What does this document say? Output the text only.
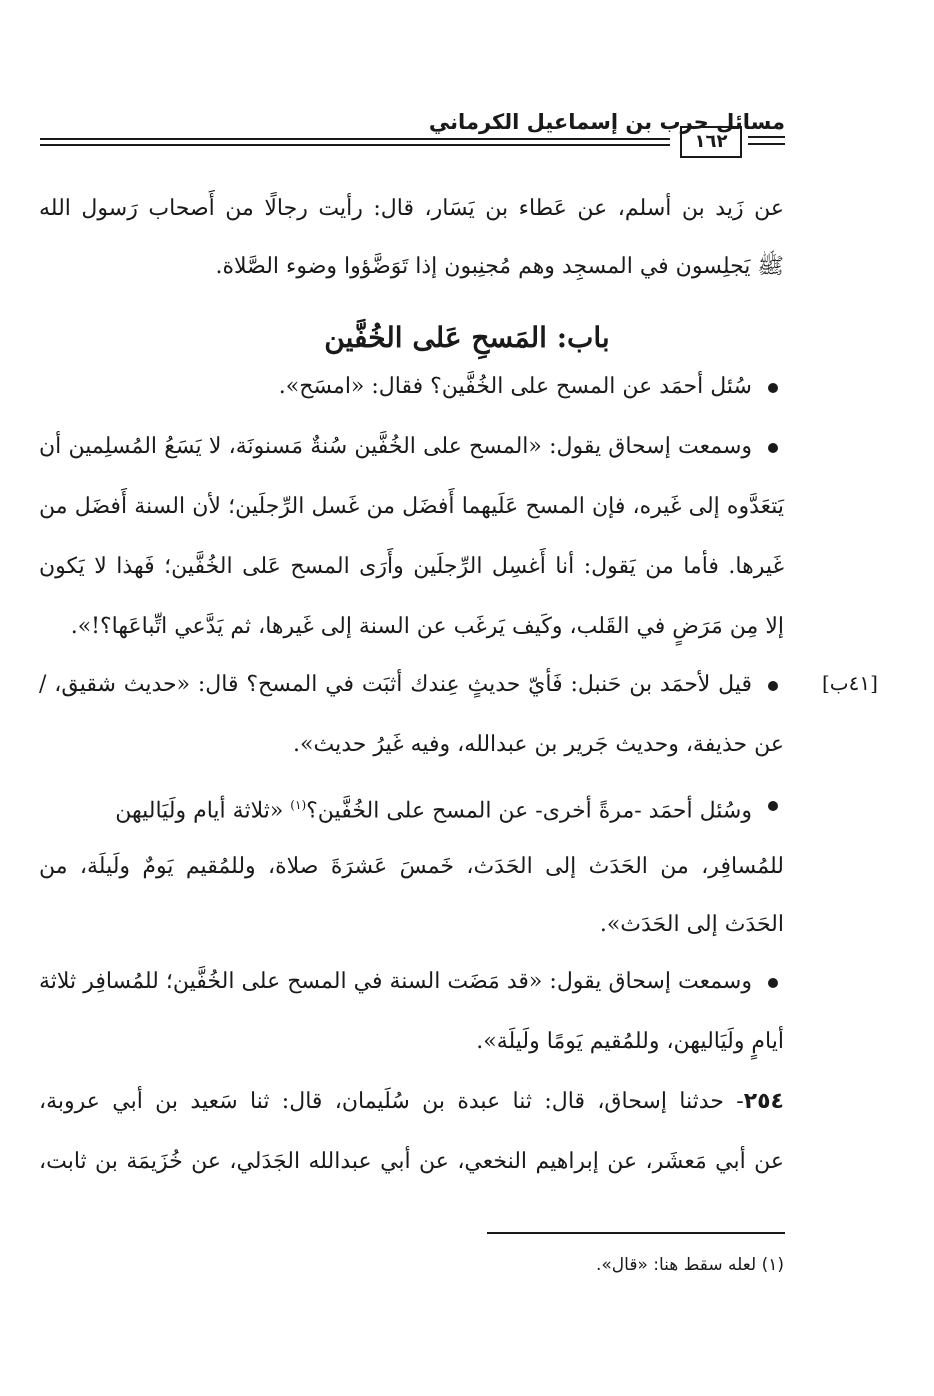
مسائل حرب بن إسماعيل الكرماني
١٦٢
عن زَيد بن أسلم، عن عَطاء بن يَسَار، قال: رأيت رجالًا من أَصحاب رَسول الله
ﷺ يَجلِسون في المسجِد وهم مُجنِبون إذا تَوَضَّؤوا وضوء الصَّلاة.
باب: المَسحِ عَلى الخُفَّين
سُئل أحمَد عن المسح على الخُفَّين؟ فقال: «امسَح».
وسمعت إسحاق يقول: «المسح على الخُفَّين سُنةٌ مَسنونَة، لا يَسَعُ المُسلِمين أن
يَتعَدَّوه إلى غَيره، فإن المسح عَلَيهما أَفضَل من غَسل الرِّجلَين؛ لأن السنة أَفضَل من
غَيرها. فأما من يَقول: أنا أَغسِل الرِّجلَين وأَرَى المسح عَلى الخُفَّين؛ فَهذا لا يَكون
إلا مِن مَرَضٍ في القَلب، وكَيف يَرغَب عن السنة إلى غَيرها، ثم يَدَّعي اتِّباعَها؟!».
[٤١ب]
قيل لأحمَد بن حَنبل: فَأيّ حديثٍ عِندك أثبَت في المسح؟ قال: «حديث شقيق، /
عن حذيفة، وحديث جَرير بن عبدالله، وفيه غَيرُ حديث».
وسُئل أحمَد -مرةً أخرى- عن المسح على الخُفَّين؟$^{(١)}$ «ثلاثة أيام ولَيَاليهن
للمُسافِر، من الحَدَث إلى الحَدَث، خَمسَ عَشرَةَ صلاة، وللمُقيم يَومٌ ولَيلَة، من
الحَدَث إلى الحَدَث».
وسمعت إسحاق يقول: «قد مَضَت السنة في المسح على الخُفَّين؛ للمُسافِر ثلاثة
أيامٍ ولَيَاليهن، وللمُقيم يَومًا ولَيلَة».
٢٥٤- حدثنا إسحاق، قال: ثنا عبدة بن سُلَيمان، قال: ثنا سَعيد بن أبي عروبة،
عن أبي مَعشَر، عن إبراهيم النخعي، عن أبي عبدالله الجَدَلي، عن خُزَيمَة بن ثابت،
(١) لعله سقط هنا: «قال».
